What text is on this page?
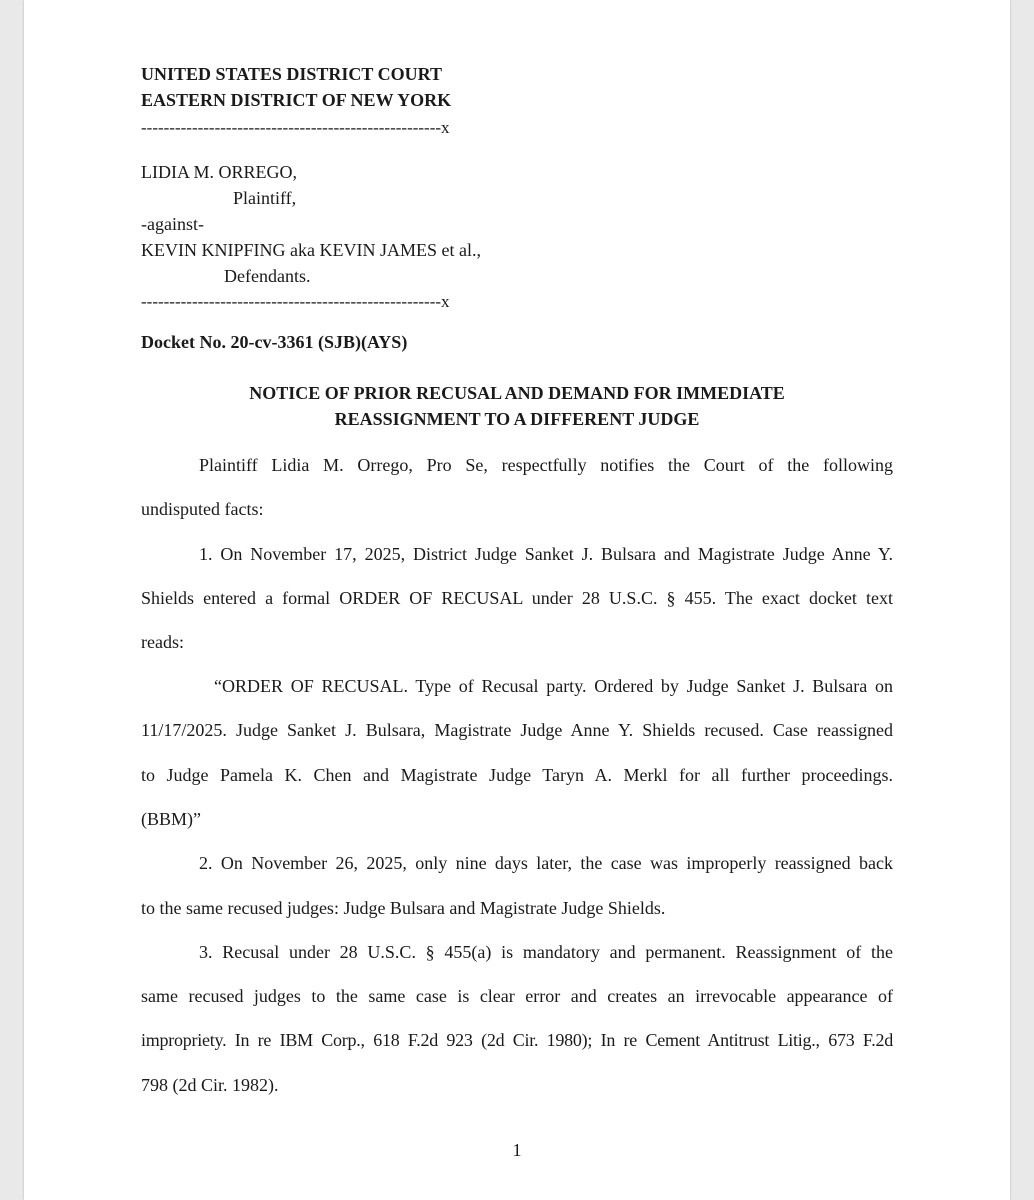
UNITED STATES DISTRICT COURT

EASTERN DISTRICT OF NEW YORK

-----------------------------------------------------x

LIDIA M. ORREGO,

Plaintiff,

-against-

KEVIN KNIPFING aka KEVIN JAMES et al.,

Defendants.

-----------------------------------------------------x

Docket No. 20-cv-3361 (SJB)(AYS)

NOTICE OF PRIOR RECUSAL AND DEMAND FOR IMMEDIATE

REASSIGNMENT TO A DIFFERENT JUDGE

Plaintiff Lidia M. Orrego, Pro Se, respectfully notifies the Court of the following

undisputed facts:

1. On November 17, 2025, District Judge Sanket J. Bulsara and Magistrate Judge Anne Y.

Shields entered a formal ORDER OF RECUSAL under 28 U.S.C. § 455. The exact docket text

reads:

“ORDER OF RECUSAL. Type of Recusal party. Ordered by Judge Sanket J. Bulsara on

11/17/2025. Judge Sanket J. Bulsara, Magistrate Judge Anne Y. Shields recused. Case reassigned

to Judge Pamela K. Chen and Magistrate Judge Taryn A. Merkl for all further proceedings.

(BBM)”

2. On November 26, 2025, only nine days later, the case was improperly reassigned back

to the same recused judges: Judge Bulsara and Magistrate Judge Shields.

3. Recusal under 28 U.S.C. § 455(a) is mandatory and permanent. Reassignment of the

same recused judges to the same case is clear error and creates an irrevocable appearance of

impropriety. In re IBM Corp., 618 F.2d 923 (2d Cir. 1980); In re Cement Antitrust Litig., 673 F.2d

798 (2d Cir. 1982).

1
